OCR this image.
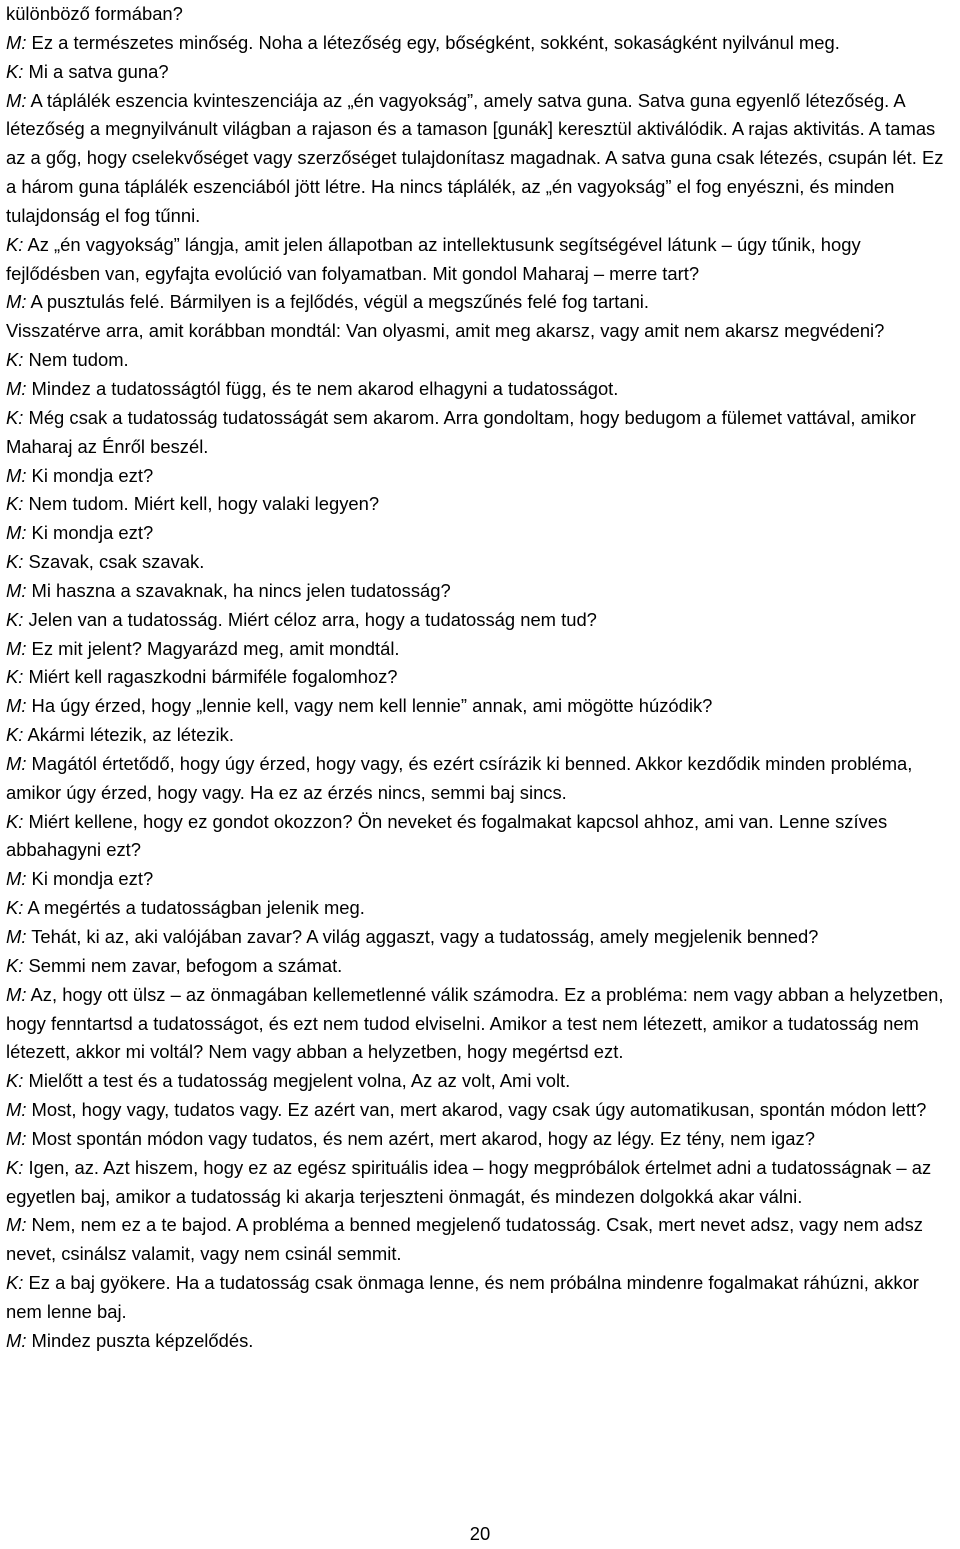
különböző formában?

M: Ez a természetes minőség. Noha a létezőség egy, bőségként, sokként, sokaságként nyilvánul meg.

K: Mi a satva guna?

M: A táplálék eszencia kvinteszenciája az „én vagyokság”, amely satva guna. Satva guna egyenlő létezőség. A létezőség a megnyilvánult világban a rajason és a tamason [gunák] keresztül aktiválódik. A rajas aktivitás. A tamas az a gőg, hogy cselekvőséget vagy szerzőséget tulajdonítasz magadnak. A satva guna csak létezés, csupán lét. Ez a három guna táplálék eszenciából jött létre. Ha nincs táplálék, az „én vagyokság” el fog enyészni, és minden tulajdonság el fog tűnni.

K: Az „én vagyokság” lángja, amit jelen állapotban az intellektusunk segítségével látunk – úgy tűnik, hogy fejlődésben van, egyfajta evolúció van folyamatban. Mit gondol Maharaj – merre tart?

M: A pusztulás felé. Bármilyen is a fejlődés, végül a megszűnés felé fog tartani.

Visszatérve arra, amit korábban mondtál: Van olyasmi, amit meg akarsz, vagy amit nem akarsz megvédeni?

K: Nem tudom.

M: Mindez a tudatosságtól függ, és te nem akarod elhagyni a tudatosságot.

K: Még csak a tudatosság tudatosságát sem akarom. Arra gondoltam, hogy bedugom a fülemet vattával, amikor Maharaj az Énről beszél.

M: Ki mondja ezt?

K: Nem tudom. Miért kell, hogy valaki legyen?

M: Ki mondja ezt?

K: Szavak, csak szavak.

M: Mi haszna a szavaknak, ha nincs jelen tudatosság?

K: Jelen van a tudatosság. Miért céloz arra, hogy a tudatosság nem tud?

M: Ez mit jelent? Magyarázd meg, amit mondtál.

K: Miért kell ragaszkodni bármiféle fogalomhoz?

M: Ha úgy érzed, hogy „lennie kell, vagy nem kell lennie” annak, ami mögötte húzódik?

K: Akármi létezik, az létezik.

M: Magától értetődő, hogy úgy érzed, hogy vagy, és ezért csírázik ki benned. Akkor kezdődik minden probléma, amikor úgy érzed, hogy vagy. Ha ez az érzés nincs, semmi baj sincs.

K: Miért kellene, hogy ez gondot okozzon? Ön neveket és fogalmakat kapcsol ahhoz, ami van. Lenne szíves abbahagyni ezt?

M: Ki mondja ezt?

K: A megértés a tudatosságban jelenik meg.

M: Tehát, ki az, aki valójában zavar? A világ aggaszt, vagy a tudatosság, amely megjelenik benned?

K: Semmi nem zavar, befogom a számat.

M: Az, hogy ott ülsz – az önmagában kellemetlenné válik számodra. Ez a probléma: nem vagy abban a helyzetben, hogy fenntartsd a tudatosságot, és ezt nem tudod elviselni. Amikor a test nem létezett, amikor a tudatosság nem létezett, akkor mi voltál? Nem vagy abban a helyzetben, hogy megértsd ezt.

K: Mielőtt a test és a tudatosság megjelent volna, Az az volt, Ami volt.

M: Most, hogy vagy, tudatos vagy. Ez azért van, mert akarod, vagy csak úgy automatikusan, spontán módon lett?

M: Most spontán módon vagy tudatos, és nem azért, mert akarod, hogy az légy. Ez tény, nem igaz?

K: Igen, az. Azt hiszem, hogy ez az egész spirituális idea – hogy megpróbálok értelmet adni a tudatosságnak – az egyetlen baj, amikor a tudatosság ki akarja terjeszteni önmagát, és mindezen dolgokká akar válni.

M: Nem, nem ez a te bajod. A probléma a benned megjelenő tudatosság. Csak, mert nevet adsz, vagy nem adsz nevet, csinálsz valamit, vagy nem csinál semmit.

K: Ez a baj gyökere. Ha a tudatosság csak önmaga lenne, és nem próbálna mindenre fogalmakat ráhúzni, akkor nem lenne baj.

M: Mindez puszta képzelődés.

20
